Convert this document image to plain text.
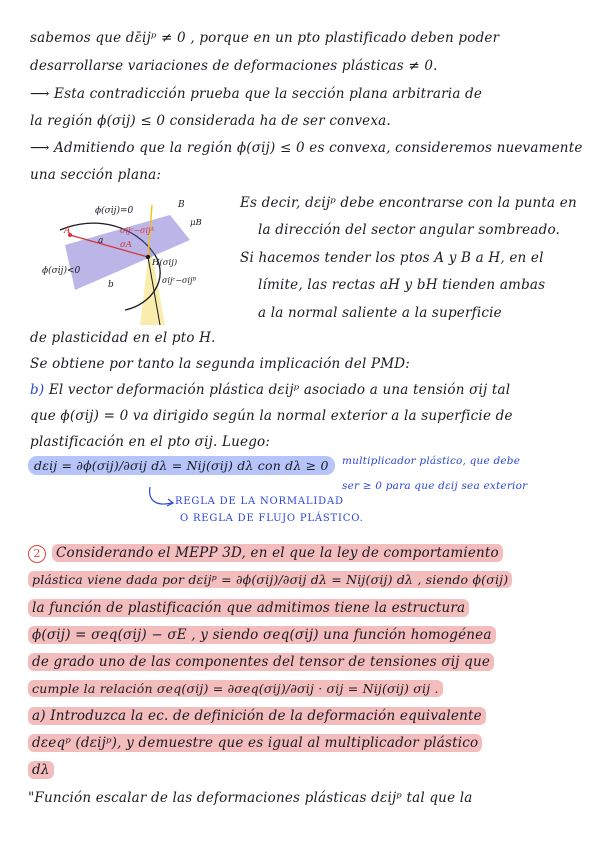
sabemos que dε̄ijᵖ ≠ 0 , porque en un pto plastificado deben poder
desarrollarse variaciones de deformaciones plásticas ≠ 0.
⟶ Esta contradicción prueba que la sección plana arbitraria de
la región ϕ(σij) ≤ 0 considerada ha de ser convexa.
⟶ Admitiendo que la región ϕ(σij) ≤ 0 es convexa, consideremos nuevamente
una sección plana:
ϕ(σij)=0
ϕ(σij)<0
A
B
H(σij)
a
b
μB
σA
σijᶜ−σijᴮ
σijᶜ−σijᴬ
Es decir, dεijᵖ debe encontrarse con la punta en
la dirección del sector angular sombreado.
Si hacemos tender los ptos A y B a H, en el
límite, las rectas aH y bH tienden ambas
a la normal saliente a la superficie
de plasticidad en el pto H.
Se obtiene por tanto la segunda implicación del PMD:
b) El vector deformación plástica dεijᵖ asociado a una tensión σij tal
que ϕ(σij) = 0 va dirigido según la normal exterior a la superficie de
plastificación en el pto σij. Luego:
dεij = ∂ϕ(σij)/∂σij dλ = Nij(σij) dλ con dλ ≥ 0	multiplicador plástico, que debe
ser ≥ 0 para que dεij sea exterior
REGLA DE LA NORMALIDAD
O REGLA DE FLUJO PLÁSTICO.
2 Considerando el MEPP 3D, en el que la ley de comportamiento
plástica viene dada por dεijᵖ = ∂ϕ(σij)/∂σij dλ = Nij(σij) dλ , siendo ϕ(σij)
la función de plastificación que admitimos tiene la estructura
ϕ(σij) = σeq(σij) − σE , y siendo σeq(σij) una función homogénea
de grado uno de las componentes del tensor de tensiones σij que
cumple la relación σeq(σij) = ∂σeq(σij)/∂σij · σij = Nij(σij) σij .
a) Introduzca la ec. de definición de la deformación equivalente
dεeqᵖ (dεijᵖ), y demuestre que es igual al multiplicador plástico
dλ
"Función escalar de las deformaciones plásticas dεijᵖ tal que la
